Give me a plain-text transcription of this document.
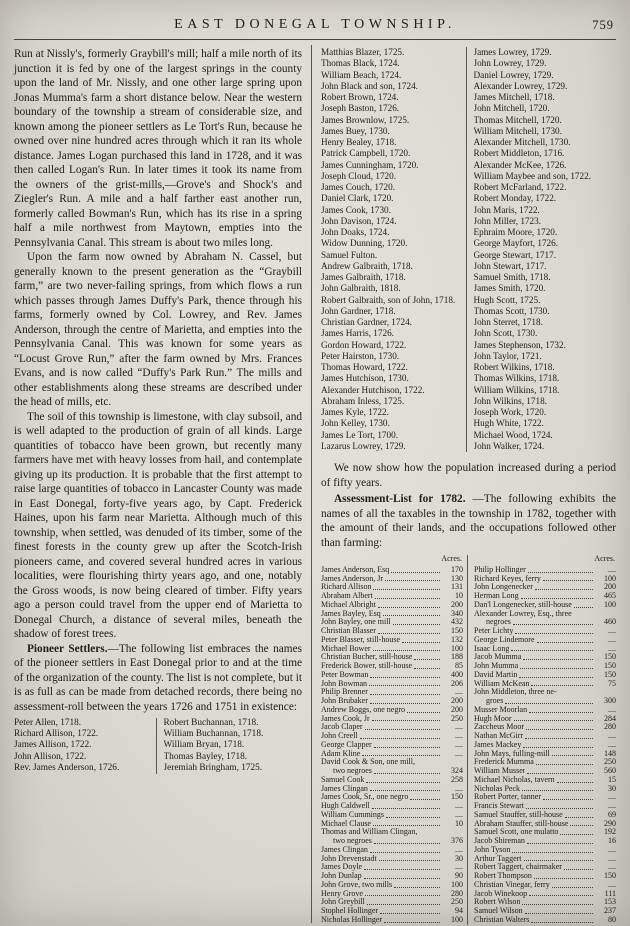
EAST DONEGAL TOWNSHIP.	759

Run at Nissly's, formerly Graybill's mill; half a mile north of its junction it is fed by one of the largest springs in the county upon the land of Mr. Nissly, and one other large spring upon Jonas Mumma's farm a short distance below. Near the western boundary of the township a stream of considerable size, and known among the pioneer settlers as Le Tort's Run, because he owned over nine hundred acres through which it ran its whole distance. James Logan purchased this land in 1728, and it was then called Logan's Run. In later times it took its name from the owners of the grist-mills,—Grove's and Shock's and Ziegler's Run. A mile and a half farther east another run, formerly called Bowman's Run, which has its rise in a spring half a mile northwest from Maytown, empties into the Pennsylvania Canal. This stream is about two miles long.

Upon the farm now owned by Abraham N. Cassel, but generally known to the present generation as the “Graybill farm,” are two never-failing springs, from which flows a run which passes through James Duffy's Park, thence through his farms, formerly owned by Col. Lowrey, and Rev. James Anderson, through the centre of Marietta, and empties into the Pennsylvania Canal. This was known for some years as “Locust Grove Run,” after the farm owned by Mrs. Frances Evans, and is now called “Duffy's Park Run.” The mills and other establishments along these streams are described under the head of mills, etc.

The soil of this township is limestone, with clay subsoil, and is well adapted to the production of grain of all kinds. Large quantities of tobacco have been grown, but recently many farmers have met with heavy losses from hail, and contemplate giving up its production. It is probable that the first attempt to raise large quantities of tobacco in Lancaster County was made in East Donegal, forty-five years ago, by Capt. Frederick Haines, upon his farm near Marietta. Although much of this township, when settled, was denuded of its timber, some of the finest forests in the county grew up after the Scotch-Irish pioneers came, and covered several hundred acres in various localities, were flourishing thirty years ago, and one, notably the Gross woods, is now being cleared of timber. Fifty years ago a person could travel from the upper end of Marietta to Donegal Church, a distance of several miles, beneath the shadow of forest trees.

Pioneer Settlers.—The following list embraces the names of the pioneer settlers in East Donegal prior to and at the time of the organization of the county. The list is not complete, but it is as full as can be made from detached records, there being no assessment-roll between the years 1726 and 1751 in existence:

Peter Allen, 1718.
Richard Allison, 1722.
James Allison, 1722.
John Allison, 1722.
Rev. James Anderson, 1726.
Robert Buchannan, 1718.
William Buchannan, 1718.
William Bryan, 1718.
Thomas Bayley, 1718.
Jeremiah Bringham, 1725.
Matthias Blazer, 1725.
Thomas Black, 1724.
William Beach, 1724.
John Black and son, 1724.
Robert Brown, 1724.
Joseph Baston, 1726.
James Brownlow, 1725.
James Buey, 1730.
Henry Bealey, 1718.
Patrick Campbell, 1720.
James Cunningham, 1720.
Joseph Cloud, 1720.
James Couch, 1720.
Daniel Clark, 1720.
James Cook, 1730.
John Davison, 1724.
John Doaks, 1724.
Widow Dunning, 1720.
Samuel Fulton.
Andrew Galbraith, 1718.
James Galbraith, 1718.
John Galbraith, 1818.
Robert Galbraith, son of John, 1718.
John Gardner, 1718.
Christian Gardner, 1724.
James Harris, 1726.
Gordon Howard, 1722.
Peter Hairston, 1730.
Thomas Howard, 1722.
James Hutchison, 1730.
Alexander Hutchison, 1722.
Abraham Inless, 1725.
James Kyle, 1722.
John Kelley, 1730.
James Le Tort, 1700.
Lazarus Lowrey, 1729.
James Lowrey, 1729.
John Lowrey, 1729.
Daniel Lowrey, 1729.
Alexander Lowrey, 1729.
James Mitchell, 1718.
John Mitchell, 1720.
Thomas Mitchell, 1720.
William Mitchell, 1730.
Alexander Mitchell, 1730.
Robert Middleton, 1716.
Alexander McKee, 1726.
William Maybee and son, 1722.
Robert McFarland, 1722.
Robert Monday, 1722.
John Maris, 1722.
John Miller, 1723.
Ephraim Moore, 1720.
George Mayfort, 1726.
George Stewart, 1717.
John Stewart, 1717.
Samuel Smith, 1718.
James Smith, 1720.
Hugh Scott, 1725.
Thomas Scott, 1730.
John Sterret, 1718.
John Scott, 1730.
James Stephenson, 1732.
John Taylor, 1721.
Robert Wilkins, 1718.
Thomas Wilkins, 1718.
William Wilkins, 1718.
John Wilkins, 1718.
Joseph Work, 1720.
Hugh White, 1722.
Michael Wood, 1724.
John Walker, 1724.

We now show how the population increased during a period of fifty years.

Assessment-List for 1782. —The following exhibits the names of all the taxables in the township in 1782, together with the amount of their lands, and the occupations followed other than farming:

Acres.
James Anderson, Esq	170
James Anderson, Jr	130
Richard Allison	131
Abraham Albert	10
Michael Albright	200
James Bayley, Esq	340
John Bayley, one mill	432
Christian Blasser	150
Peter Blasser, still-house	132
Michael Bower	100
Christian Bucher, still-house	188
Frederick Bower, still-house	85
Peter Bowman	400
John Bowman	206
Philip Brenner	....
John Brubaker	200
Andrew Boggs, one negro	200
James Cook, Jr	250
Jacob Claper	....
John Creell	....
George Clapper	....
Adam Kline	....
David Cook & Son, one mill,
two negroes	324
Samuel Cook	258
James Clingan	....
James Cook, Sr., one negro	150
Hugh Caldwell	....
William Cummings	....
Michael Clause	10
Thomas and William Clingan,
two negroes	376
James Clingan	....
John Drevenstadt	30
James Doyle	....
John Dunlap	90
John Grove, two mills	100
Henry Grove	280
John Greybill	250
Stophel Hollinger	94
Nicholas Hollinger	100
Acres.
Philip Hollinger	....
Richard Keyes, ferry	100
John Longenecker	200
Herman Long	465
Dan'l Longenecker, still-house	100
Alexander Lowrey, Esq., three
negroes	460
Peter Lichty	....
George Lindemore	....
Isaac Long	....
Jacob Mumma	150
John Mumma	150
David Martin	150
William McKean	75
John Middleton, three ne-
groes	300
Musser Moorlan	....
Hugh Moor	284
Zaccheus Moor	280
Nathan McGirr	....
James Mackey	....
John Mays, fulling-mill	148
Frederick Mumma	250
William Musser	560
Michael Nicholas, tavern	15
Nicholas Peck	30
Robert Porter, tanner	....
Francis Stewart	....
Samuel Stauffer, still-house	69
Abraham Stauffer, still-house	290
Samuel Scott, one mulatto	192
Jacob Shireman	16
John Tyson	....
Arthur Taggert	....
Robert Taggert, chairmaker	....
Robert Thompson	150
Christian Vinegar, ferry	....
Jacob Winekoop	111
Robert Wilson	153
Samuel Wilson	237
Christian Walters	80
